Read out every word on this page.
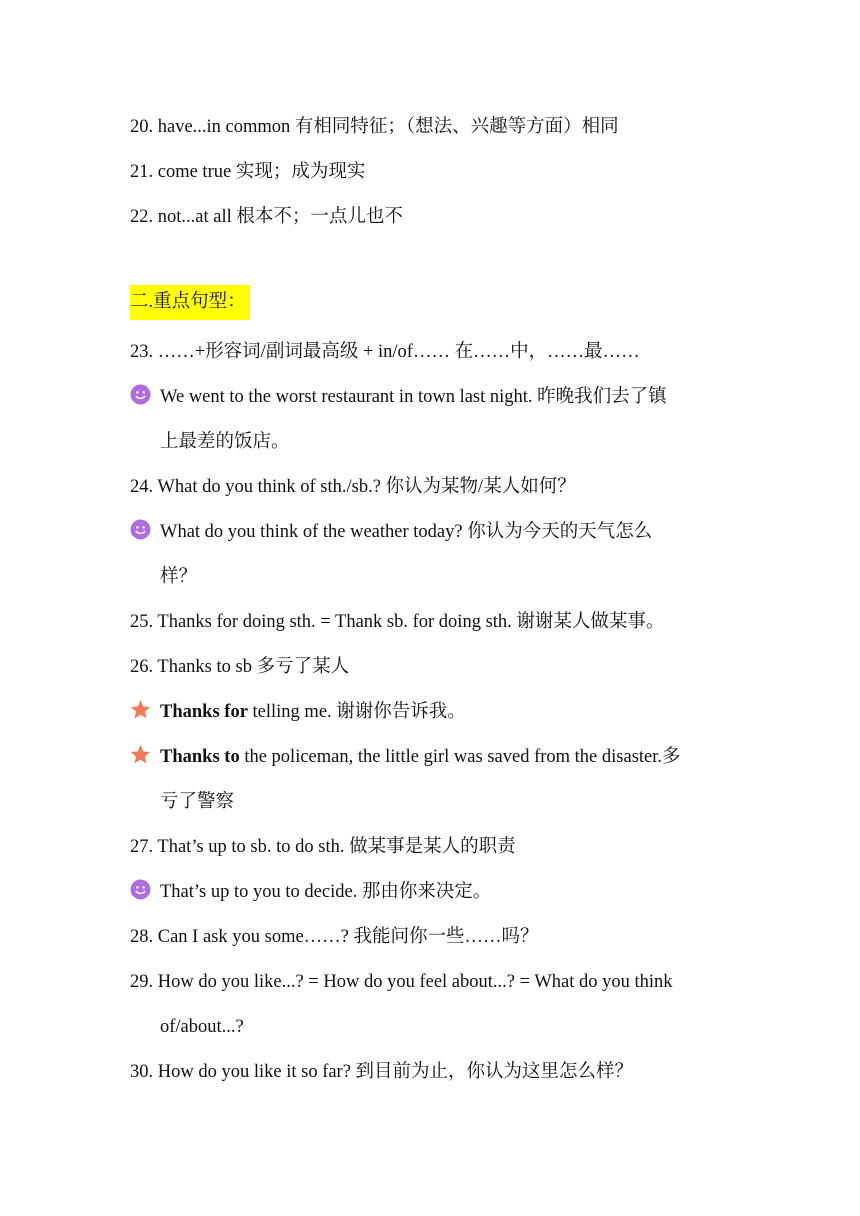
20. have...in common 有相同特征；（想法、兴趣等方面）相同
21. come true 实现；成为现实
22. not...at all 根本不；一点儿也不
二.重点句型：
23. ……+形容词/副词最高级 + in/of…… 在……中，……最……
We went to the worst restaurant in town last night. 昨晚我们去了镇
上最差的饭店。
24. What do you think of sth./sb.? 你认为某物/某人如何？
What do you think of the weather today? 你认为今天的天气怎么
样？
25. Thanks for doing sth. = Thank sb. for doing sth. 谢谢某人做某事。
26. Thanks to sb 多亏了某人
Thanks for telling me. 谢谢你告诉我。
Thanks to the policeman, the little girl was saved from the disaster.多
亏了警察
27. That’s up to sb. to do sth. 做某事是某人的职责
That’s up to you to decide. 那由你来决定。
28. Can I ask you some……? 我能问你一些……吗？
29. How do you like...? = How do you feel about...? = What do you think
of/about...?
30. How do you like it so far? 到目前为止，你认为这里怎么样？
